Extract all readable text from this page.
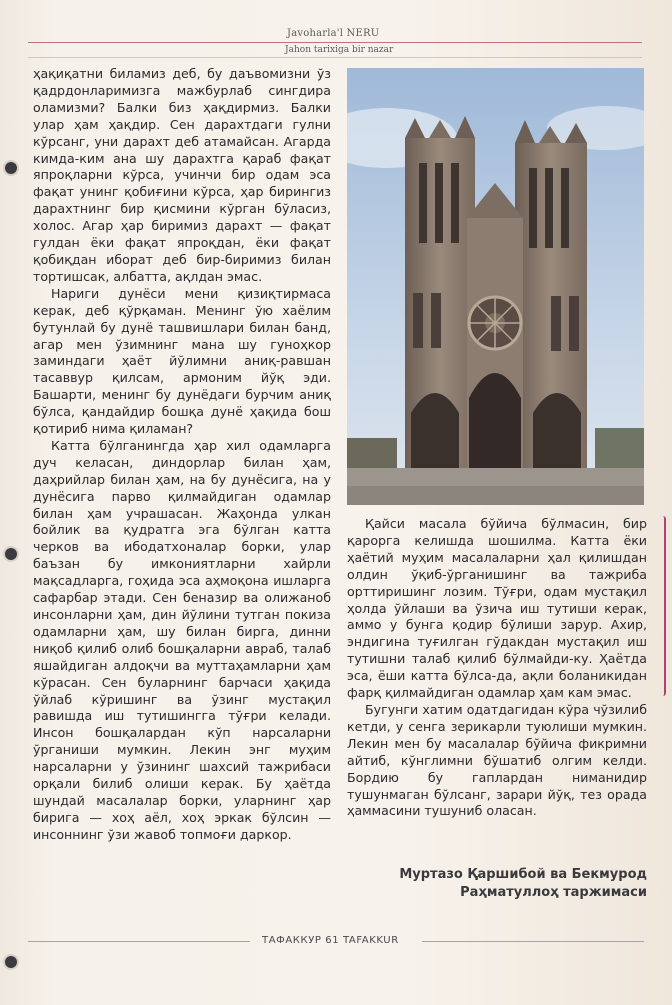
Javoharla'l NERU
Jahon tarixiga bir nazar

ҳақиқатни биламиз деб, бу даъвомизни ўз қадрдонларимизга мажбурлаб сингдира оламизми? Балки биз ҳақдирмиз. Балки улар ҳам ҳақдир. Сен дарахтдаги гулни кўрсанг, уни дарахт деб атамайсан. Агарда кимда-ким ана шу дарахтга қараб фақат япроқларни кўрса, учинчи бир одам эса фақат унинг қобиғини кўрса, ҳар бирингиз дарахтнинг бир қисмини кўрган бўласиз, холос. Агар ҳар биримиз дарахт — фақат гулдан ёки фақат япроқдан, ёки фақат қобиқдан иборат деб бир-биримиз билан тортишсак, албатта, ақлдан эмас.

Нариги дунёси мени қизиқтирмаса керак, деб қўрқаман. Менинг ўю хаёлим бутунлай бу дунё ташвишлари билан банд, агар мен ўзимнинг мана шу гуноҳкор заминдаги ҳаёт йўлимни аниқ-равшан тасаввур қилсам, армоним йўқ эди. Башарти, менинг бу дунёдаги бурчим аниқ бўлса, қандайдир бошқа дунё ҳақида бош қотириб нима қиламан?

Катта бўлганингда ҳар хил одамларга дуч келасан, диндорлар билан ҳам, даҳрийлар билан ҳам, на бу дунёсига, на у дунёсига парво қилмайдиган одамлар билан ҳам учрашасан. Жаҳонда улкан бойлик ва қудратга эга бўлган катта черков ва ибодатхоналар борки, улар баъзан бу имкониятларни хайрли мақсадларга, гоҳида эса аҳмоқона ишларга сафарбар этади. Сен беназир ва олижаноб инсонларни ҳам, дин йўлини тутган покиза одамларни ҳам, шу билан бирга, динни ниқоб қилиб олиб бошқаларни авраб, талаб яшайдиган алдоқчи ва муттаҳамларни ҳам кўрасан. Сен буларнинг барчаси ҳақида ўйлаб кўришинг ва ўзинг мустақил равишда иш тутишингга тўғри келади. Инсон бошқалардан кўп нарсаларни ўрганиши мумкин. Лекин энг муҳим нарсаларни у ўзининг шахсий тажрибаси орқали билиб олиши керак. Бу ҳаётда шундай масалалар борки, уларнинг ҳар бирига — хоҳ аёл, хоҳ эркак бўлсин — инсоннинг ўзи жавоб топмоғи даркор.

Қайси масала бўйича бўлмасин, бир қарорга келишда шошилма. Катта ёки ҳаётий муҳим масалаларни ҳал қилишдан олдин ўқиб-ўрганишинг ва тажриба орттиришинг лозим. Тўғри, одам мустақил ҳолда ўйлаши ва ўзича иш тутиши керак, аммо у бунга қодир бўлиши зарур. Ахир, эндигина туғилган гўдакдан мустақил иш тутишни талаб қилиб бўлмайди-ку. Ҳаётда эса, ёши катта бўлса-да, ақли боланикидан фарқ қилмайдиган одамлар ҳам кам эмас.

Бугунги хатим одатдагидан кўра чўзилиб кетди, у сенга зерикарли туюлиши мумкин. Лекин мен бу масалалар бўйича фикримни айтиб, кўнглимни бўшатиб олгим келди. Бордию бу гаплардан ниманидир тушунмаган бўлсанг, зарари йўқ, тез орада ҳаммасини тушуниб оласан.

Муртазо Қаршибой ва Бекмурод
Раҳматуллоҳ таржимаси
ТАФАККУР 61 TAFAKKUR
